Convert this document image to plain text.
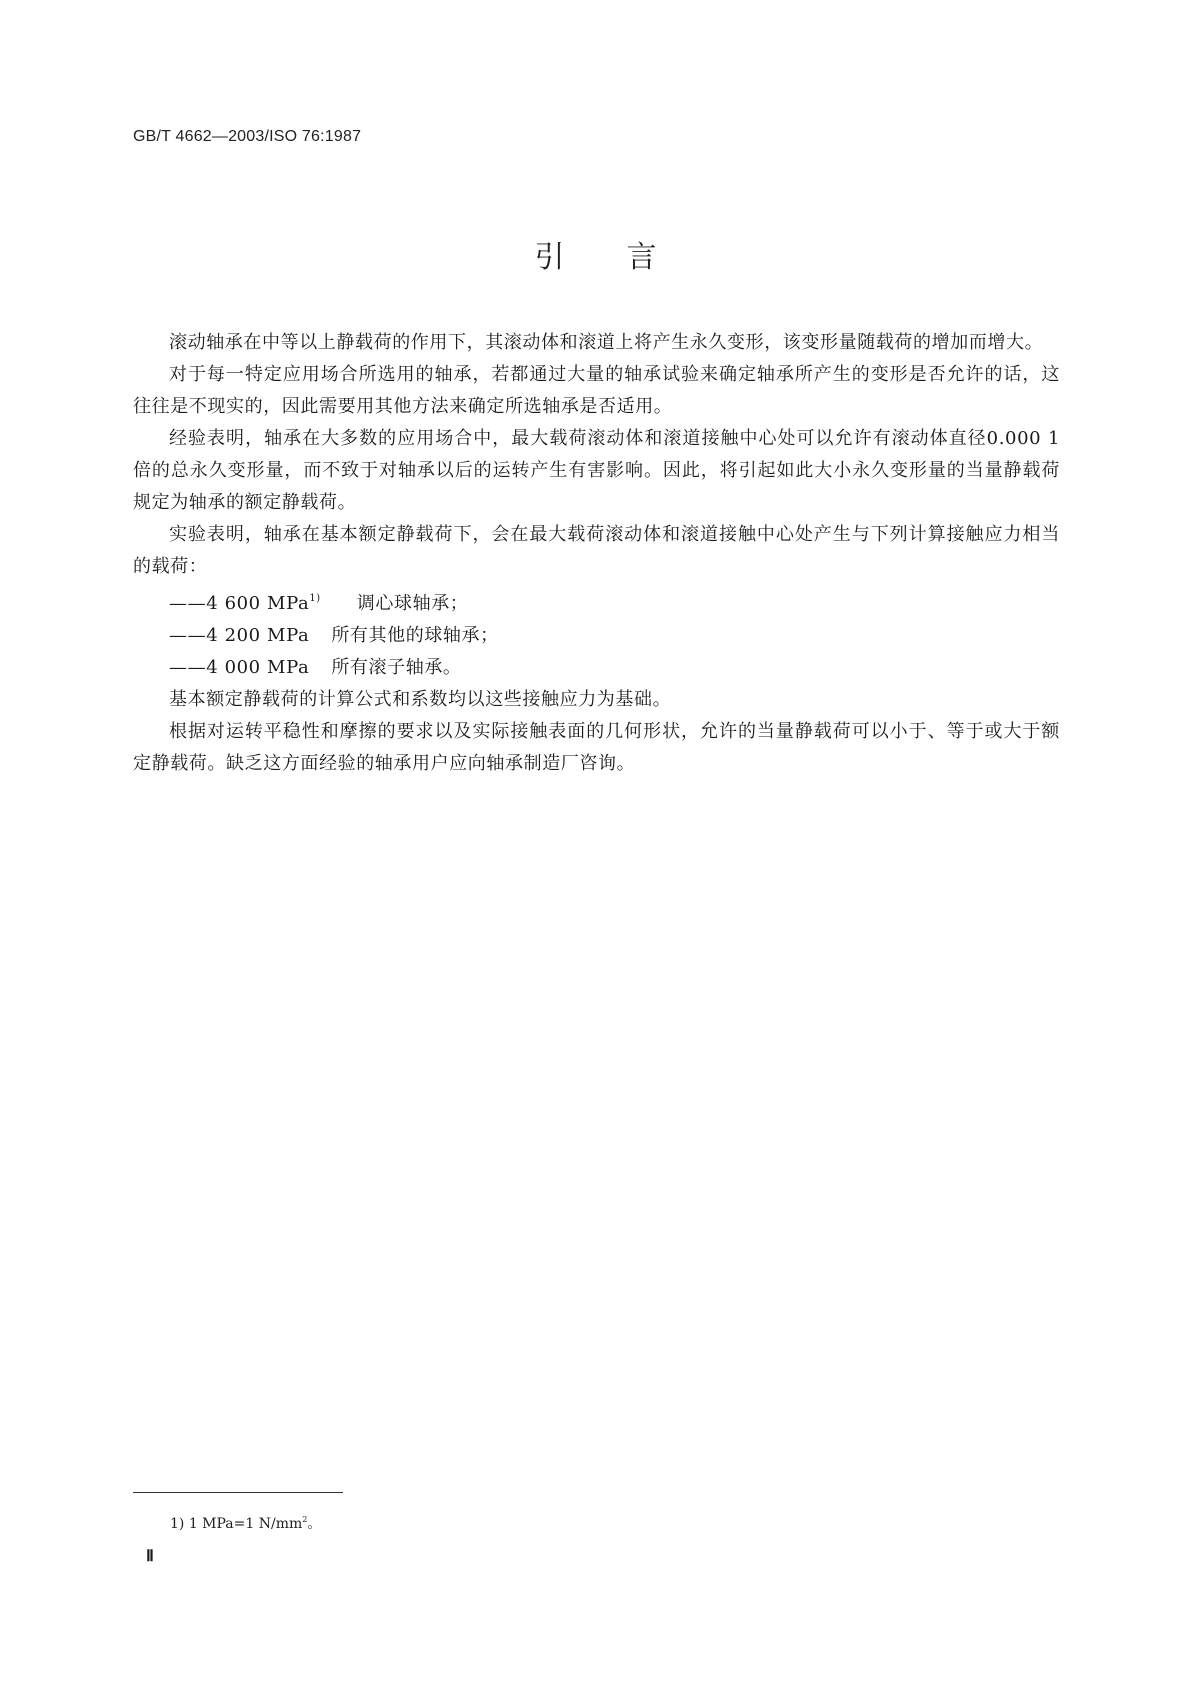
GB/T 4662—2003/ISO 76:1987
引言

滚动轴承在中等以上静载荷的作用下，其滚动体和滚道上将产生永久变形，该变形量随载荷的增加而增大。

对于每一特定应用场合所选用的轴承，若都通过大量的轴承试验来确定轴承所产生的变形是否允许的话，这往往是不现实的，因此需要用其他方法来确定所选轴承是否适用。

经验表明，轴承在大多数的应用场合中，最大载荷滚动体和滚道接触中心处可以允许有滚动体直径0.000 1倍的总永久变形量，而不致于对轴承以后的运转产生有害影响。因此，将引起如此大小永久变形量的当量静载荷规定为轴承的额定静载荷。

实验表明，轴承在基本额定静载荷下，会在最大载荷滚动体和滚道接触中心处产生与下列计算接触应力相当的载荷：

——4 600 MPa$^{1)}$ 调心球轴承；

——4 200 MPa 所有其他的球轴承；

——4 000 MPa 所有滚子轴承。

基本额定静载荷的计算公式和系数均以这些接触应力为基础。

根据对运转平稳性和摩擦的要求以及实际接触表面的几何形状，允许的当量静载荷可以小于、等于或大于额定静载荷。缺乏这方面经验的轴承用户应向轴承制造厂咨询。

1) 1 MPa=1 $N/mm^2$。
Ⅱ
